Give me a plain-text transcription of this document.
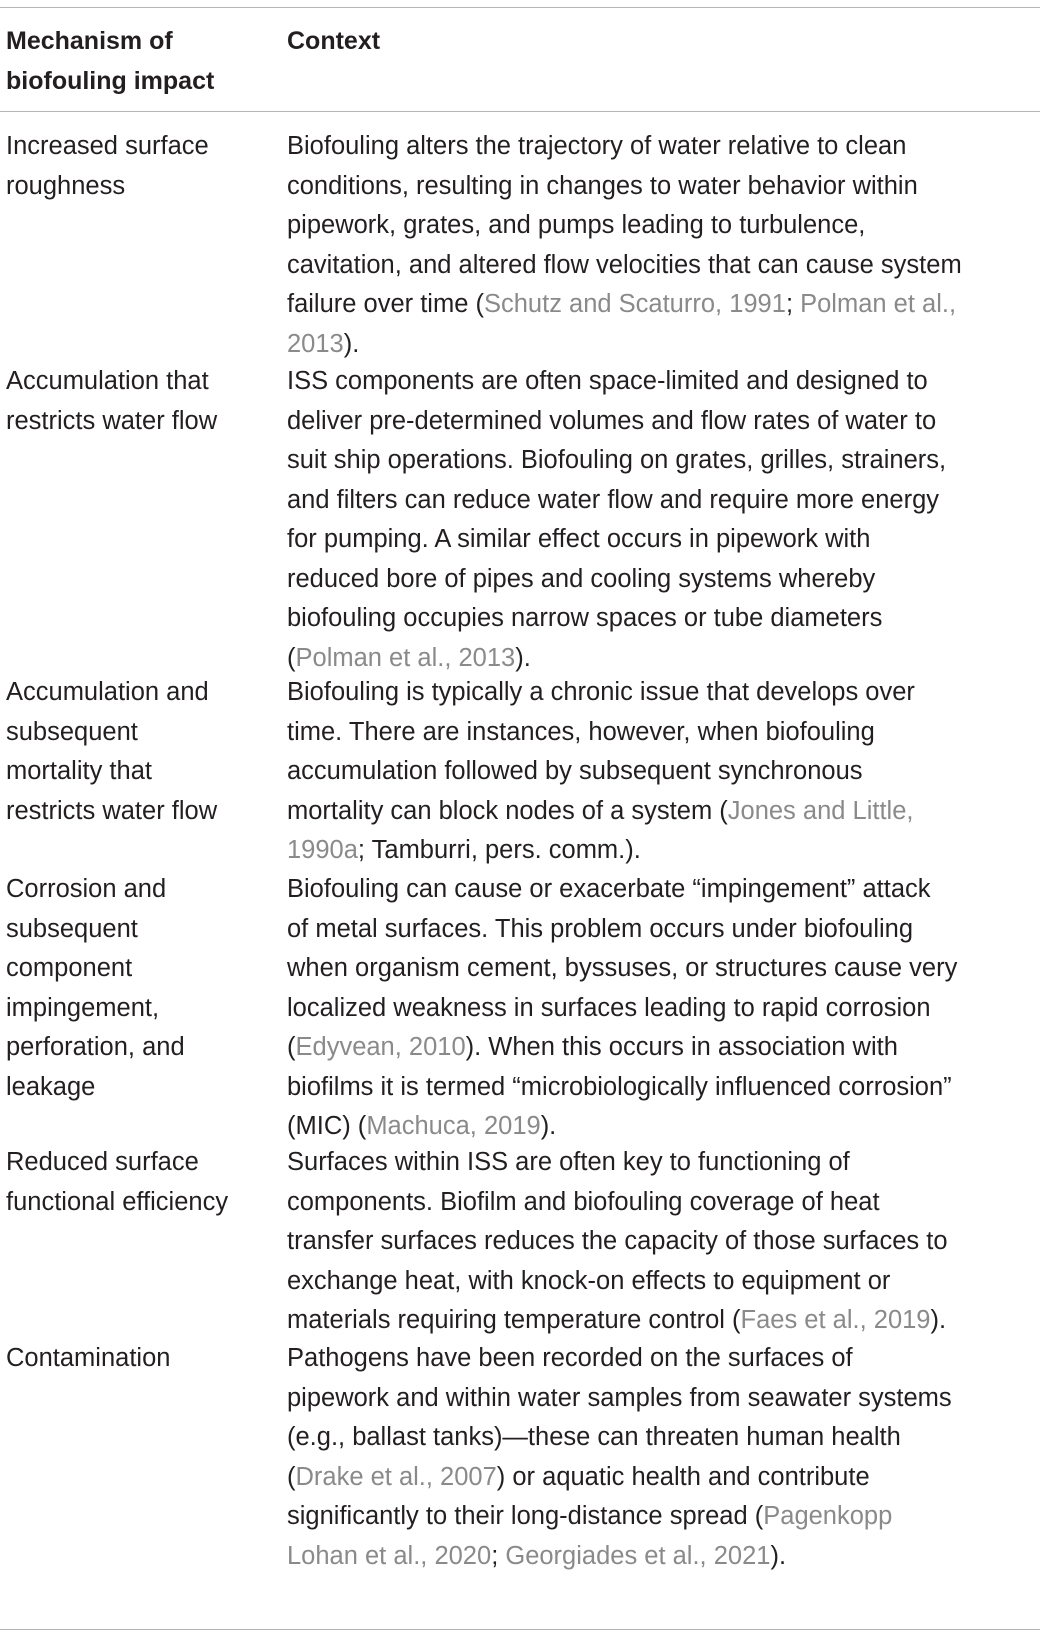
Mechanism of
biofouling impact
Context
Increased surface
roughness
Biofouling alters the trajectory of water relative to clean
conditions, resulting in changes to water behavior within
pipework, grates, and pumps leading to turbulence,
cavitation, and altered flow velocities that can cause system
failure over time (Schutz and Scaturro, 1991; Polman et al.,
2013).
Accumulation that
restricts water flow
ISS components are often space-limited and designed to
deliver pre-determined volumes and flow rates of water to
suit ship operations. Biofouling on grates, grilles, strainers,
and filters can reduce water flow and require more energy
for pumping. A similar effect occurs in pipework with
reduced bore of pipes and cooling systems whereby
biofouling occupies narrow spaces or tube diameters
(Polman et al., 2013).
Accumulation and
subsequent
mortality that
restricts water flow
Biofouling is typically a chronic issue that develops over
time. There are instances, however, when biofouling
accumulation followed by subsequent synchronous
mortality can block nodes of a system (Jones and Little,
1990a; Tamburri, pers. comm.).
Corrosion and
subsequent
component
impingement,
perforation, and
leakage
Biofouling can cause or exacerbate “impingement” attack
of metal surfaces. This problem occurs under biofouling
when organism cement, byssuses, or structures cause very
localized weakness in surfaces leading to rapid corrosion
(Edyvean, 2010). When this occurs in association with
biofilms it is termed “microbiologically influenced corrosion”
(MIC) (Machuca, 2019).
Reduced surface
functional efficiency
Surfaces within ISS are often key to functioning of
components. Biofilm and biofouling coverage of heat
transfer surfaces reduces the capacity of those surfaces to
exchange heat, with knock-on effects to equipment or
materials requiring temperature control (Faes et al., 2019).
Contamination	Pathogens have been recorded on the surfaces of
pipework and within water samples from seawater systems
(e.g., ballast tanks)—these can threaten human health
(Drake et al., 2007) or aquatic health and contribute
significantly to their long-distance spread (Pagenkopp
Lohan et al., 2020; Georgiades et al., 2021).
